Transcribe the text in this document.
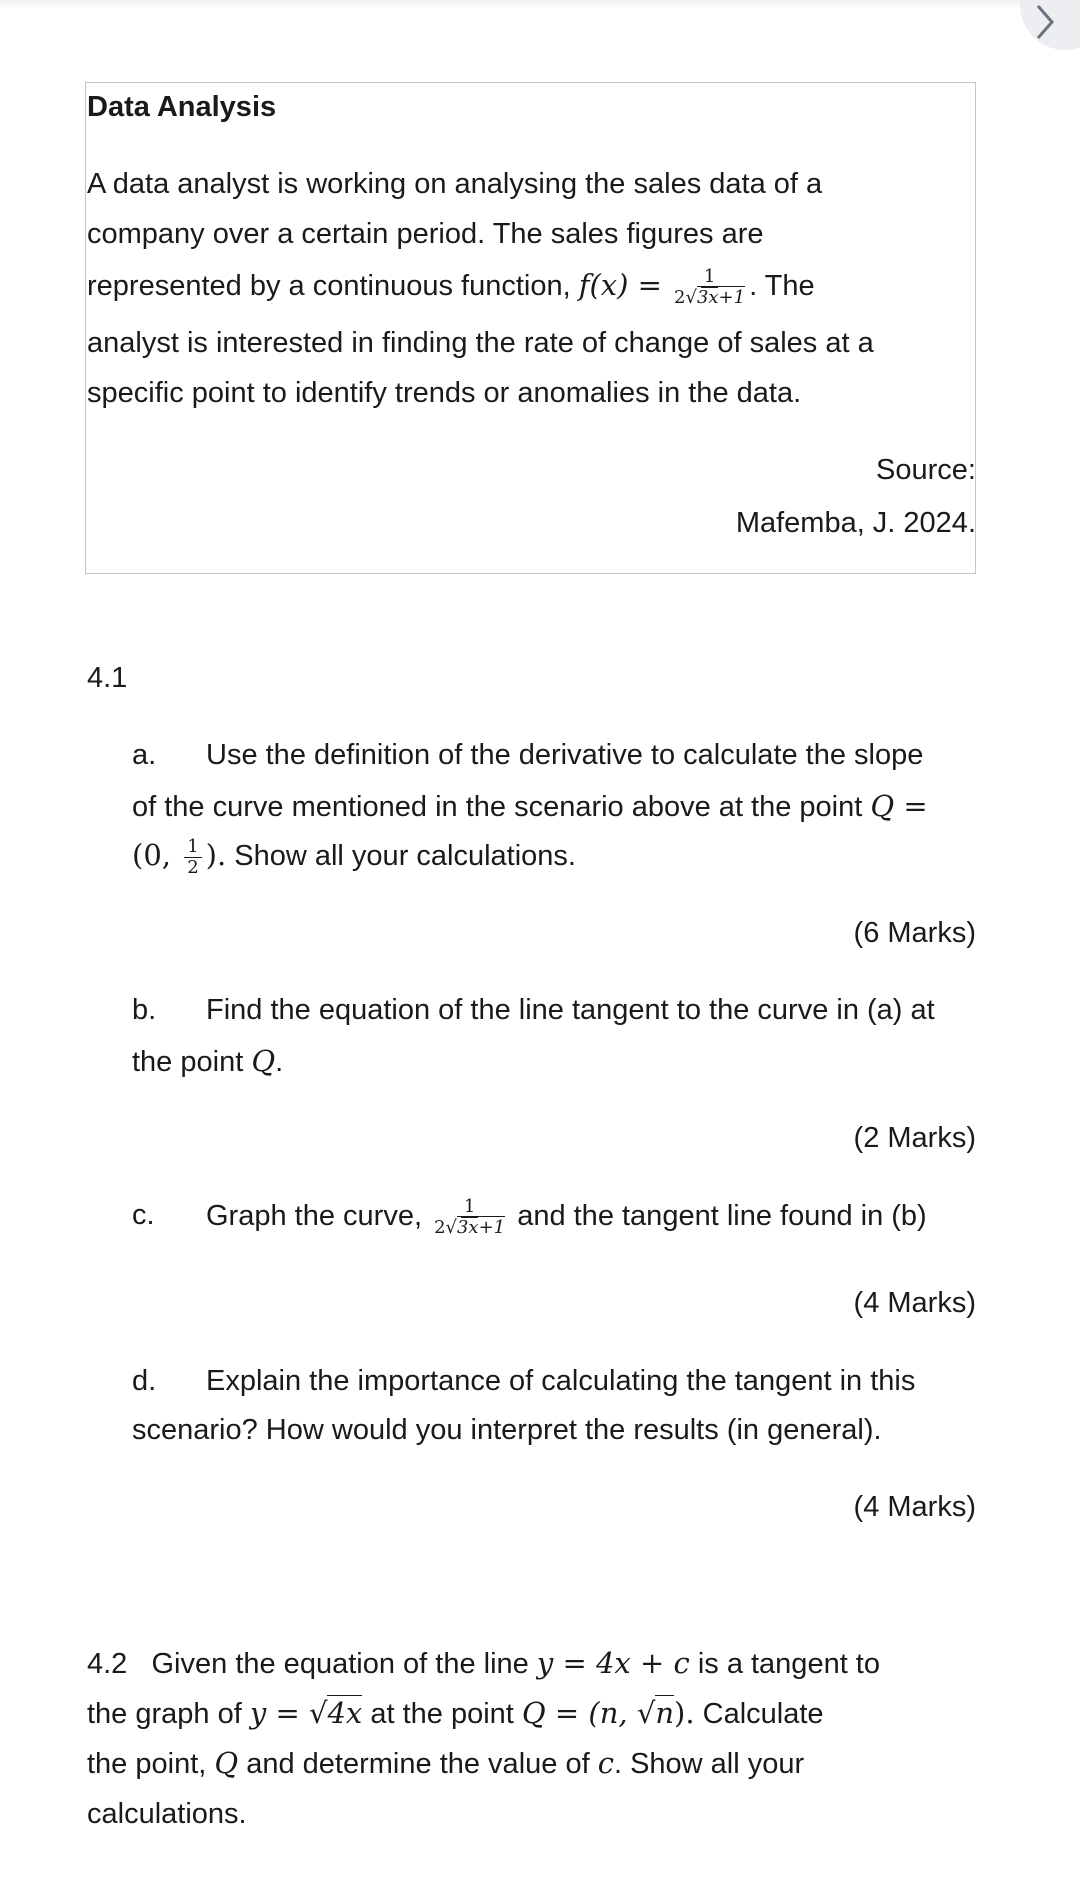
Data Analysis
A data analyst is working on analysing the sales data of a
company over a certain period. The sales figures are
represented by a continuous function, $f(x) = \frac{1}{2√3x+1}$ . The
analyst is interested in finding the rate of change of sales at a
specific point to identify trends or anomalies in the data.
Source:
Mafemba, J. 2024.
4.1
a. Use the definition of the derivative to calculate the slope
of the curve mentioned in the scenario above at the point Q =
(0, $\frac{1}{2}$ ). Show all your calculations.
(6 Marks)
b. Find the equation of the line tangent to the curve in (a) at
the point Q.
(2 Marks)
c. Graph the curve, $\frac{1}{2√3x+1}$ and the tangent line found in (b)
(4 Marks)
d. Explain the importance of calculating the tangent in this
scenario? How would you interpret the results (in general).
(4 Marks)
4.2 Given the equation of the line y = 4x + c is a tangent to
the graph of y = √4x at the point Q = (n, √n). Calculate
the point, Q and determine the value of c. Show all your
calculations.
